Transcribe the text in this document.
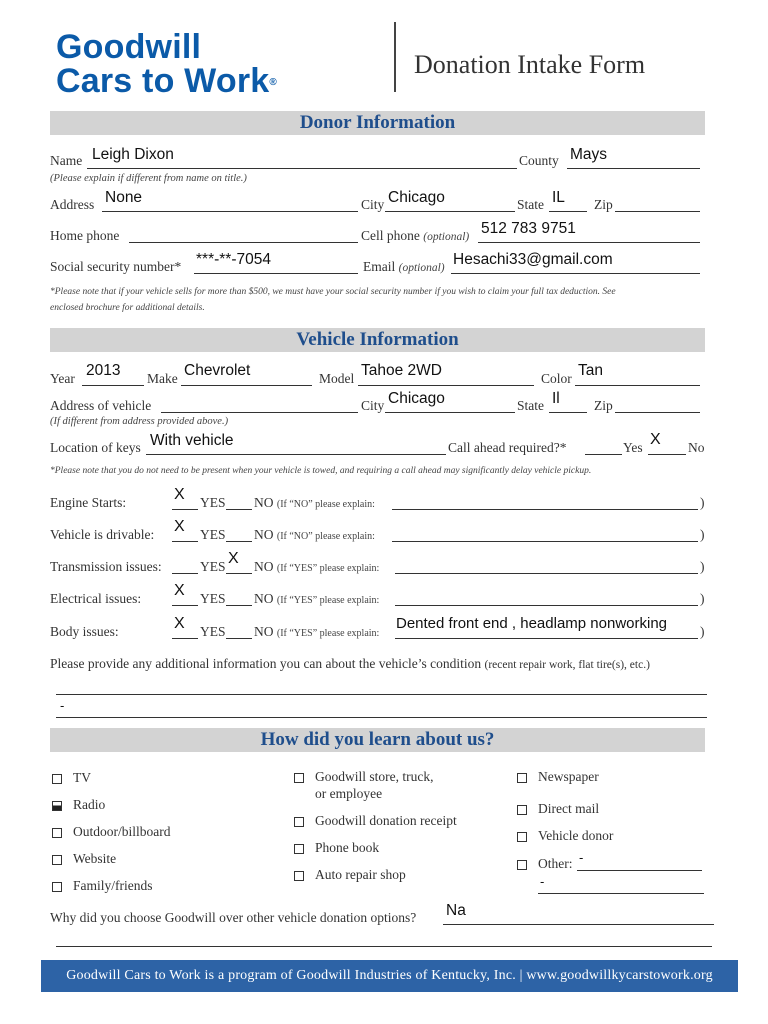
Goodwill
Cars to Work®
Donation Intake Form
Donor Information
Name Leigh Dixon	County Mays
(Please explain if different from name on title.)
Address None	City Chicago	State IL Zip
Home phone	Cell phone (optional) 512 783 9751
Social security number* ***-**-7054	Email (optional) Hesachi33@gmail.com
*Please note that if your vehicle sells for more than $500, we must have your social security number if you wish to claim your full tax deduction. See
enclosed brochure for additional details.
Vehicle Information
Year 2013 Make Chevrolet	Model Tahoe 2WD	Color Tan
Address of vehicle	City Chicago	State Il	Zip
(If different from address provided above.)
Location of keys With vehicle	Call ahead required?*	Yes X No
*Please note that you do not need to be present when your vehicle is towed, and requiring a call ahead may significantly delay vehicle pickup.
Engine Starts:	X YES NO (If “NO” please explain:	)
Vehicle is drivable: X YES NO (If “NO” please explain:	)
Transmission issues:	YES X NO (If “YES” please explain:	)
Electrical issues: X YES NO (If “YES” please explain:	)
Body issues:	X YES NO (If “YES” please explain:
Dented front end , headlamp nonworking )
Please provide any additional information you can about the vehicle’s condition (recent repair work, flat tire(s), etc.)
-
How did you learn about us?
TV
Radio
Outdoor/billboard
Website
Family/friends
Goodwill store, truck,
or employee
Goodwill donation receipt
Phone book
Auto repair shop
Newspaper
Direct mail
Vehicle donor
Other: -
-
Why did you choose Goodwill over other vehicle donation options? Na
Goodwill Cars to Work is a program of Goodwill Industries of Kentucky, Inc. | www.goodwillkycarstowork.org
